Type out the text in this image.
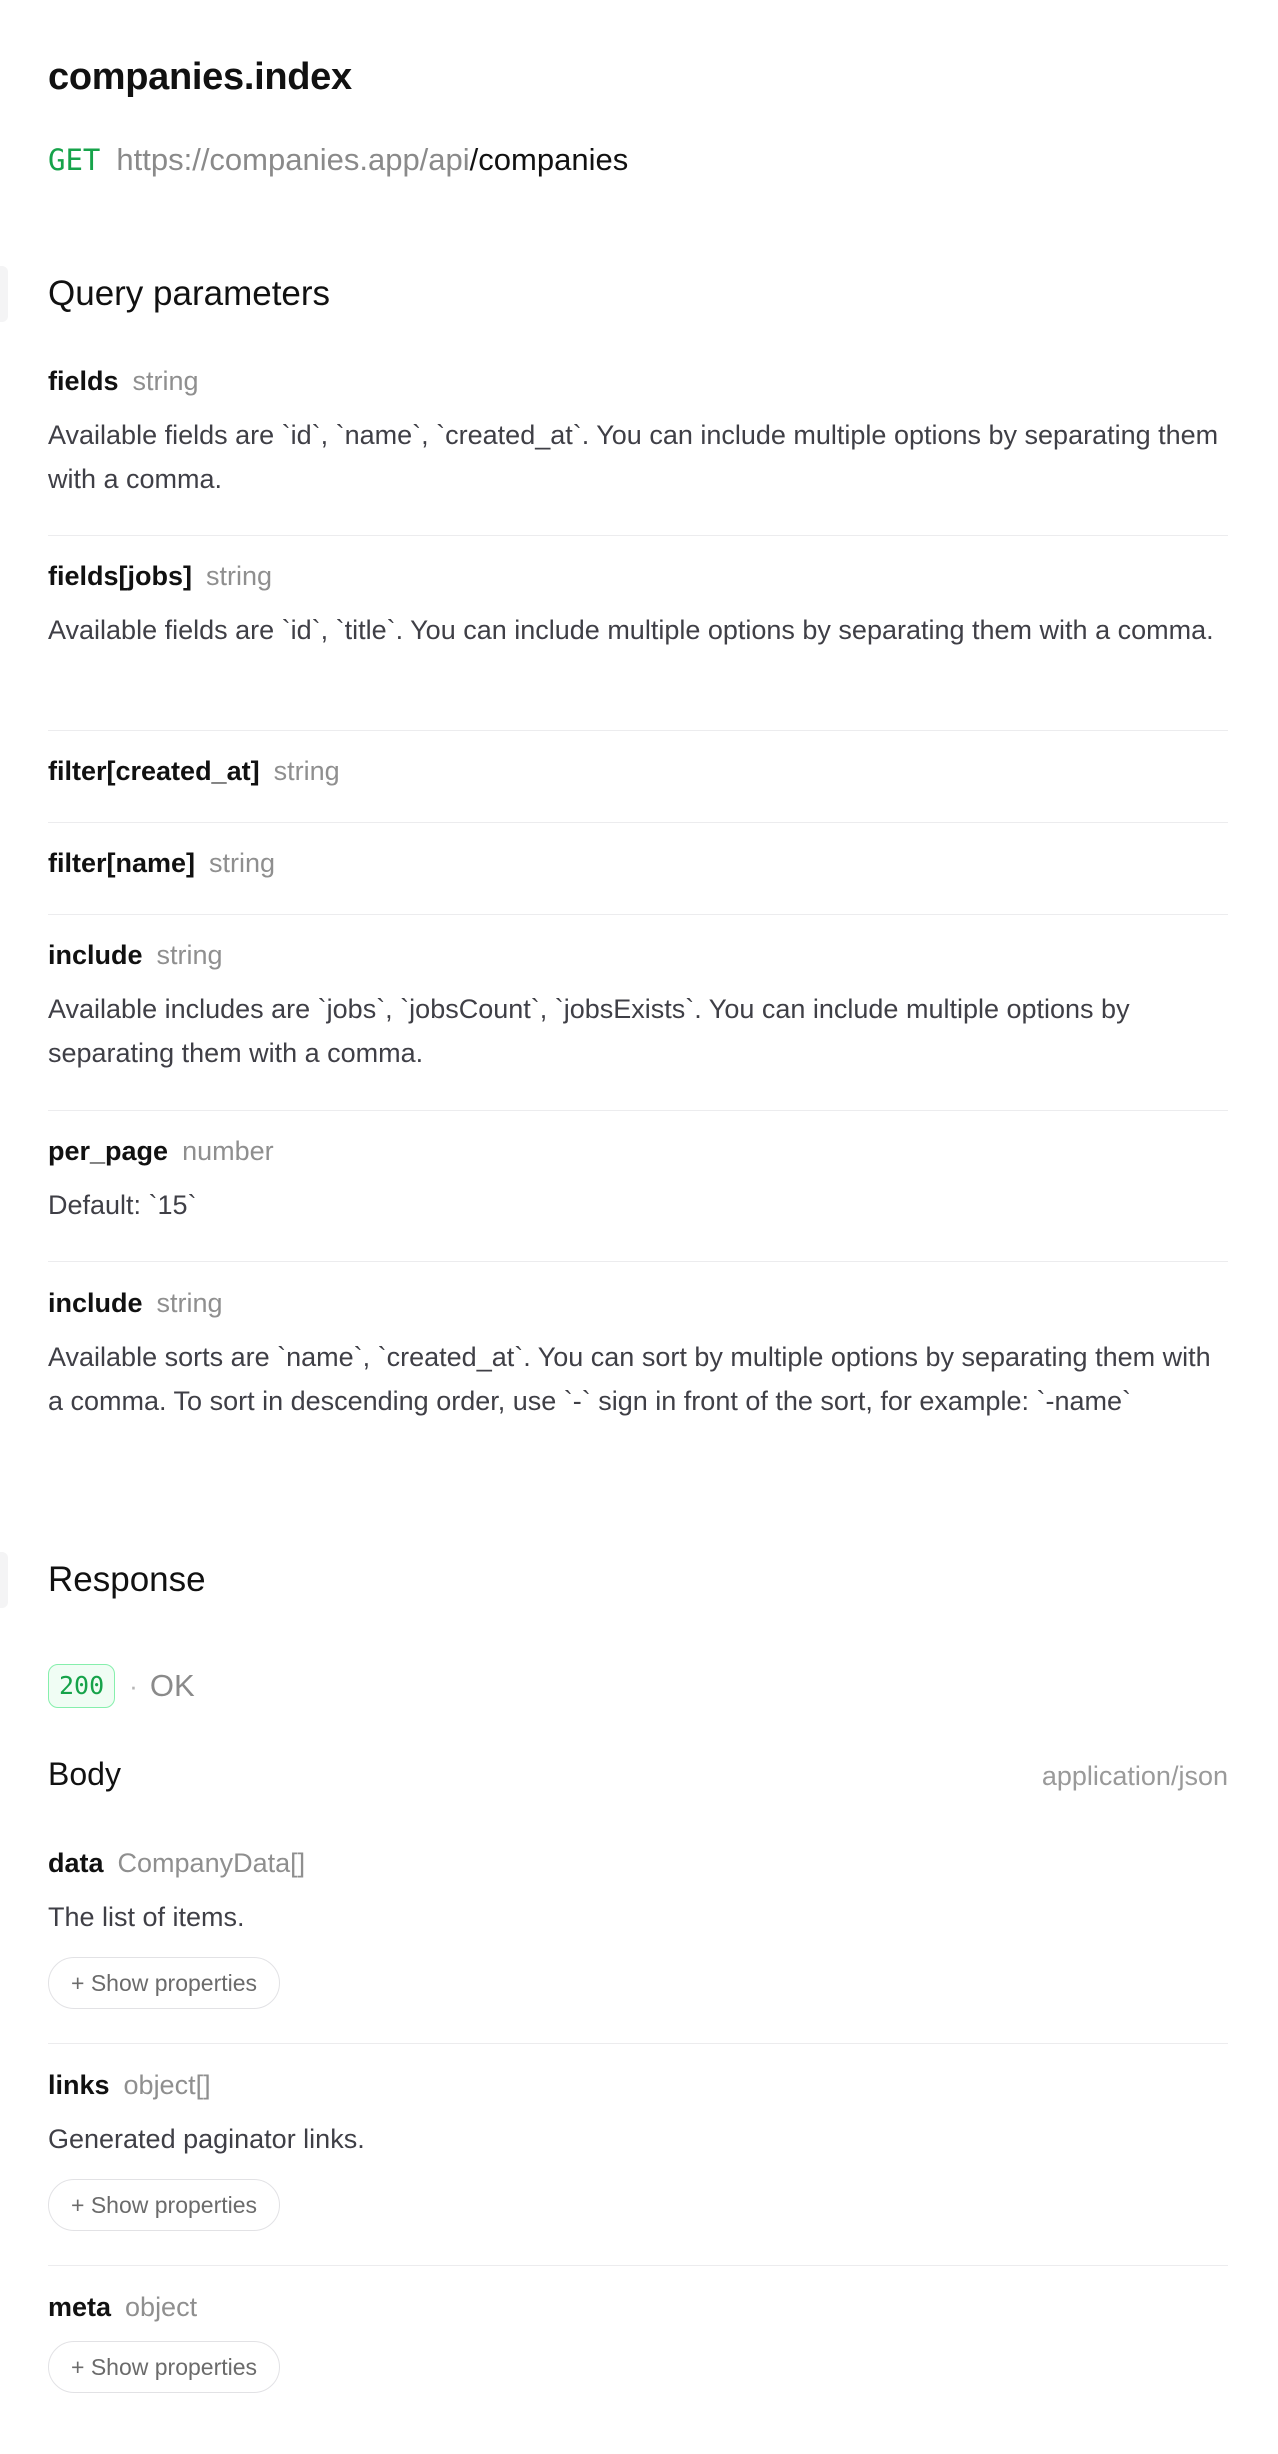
companies.index
GET https://companies.app/api/companies
Query parameters
fields string
Available fields are `id`, `name`, `created_at`. You can include multiple options by separating them with a comma.
fields[jobs] string
Available fields are `id`, `title`. You can include multiple options by separating them with a comma.
filter[created_at] string
filter[name] string
include string
Available includes are `jobs`, `jobsCount`, `jobsExists`. You can include multiple options by separating them with a comma.
per_page number
Default: `15`
include string
Available sorts are `name`, `created_at`. You can sort by multiple options by separating them with a comma. To sort in descending order, use `-` sign in front of the sort, for example: `-name`
Response
200 · OK
Body	application/json
data CompanyData[]
The list of items.
+ Show properties
links object[]
Generated paginator links.
+ Show properties
meta object
+ Show properties
